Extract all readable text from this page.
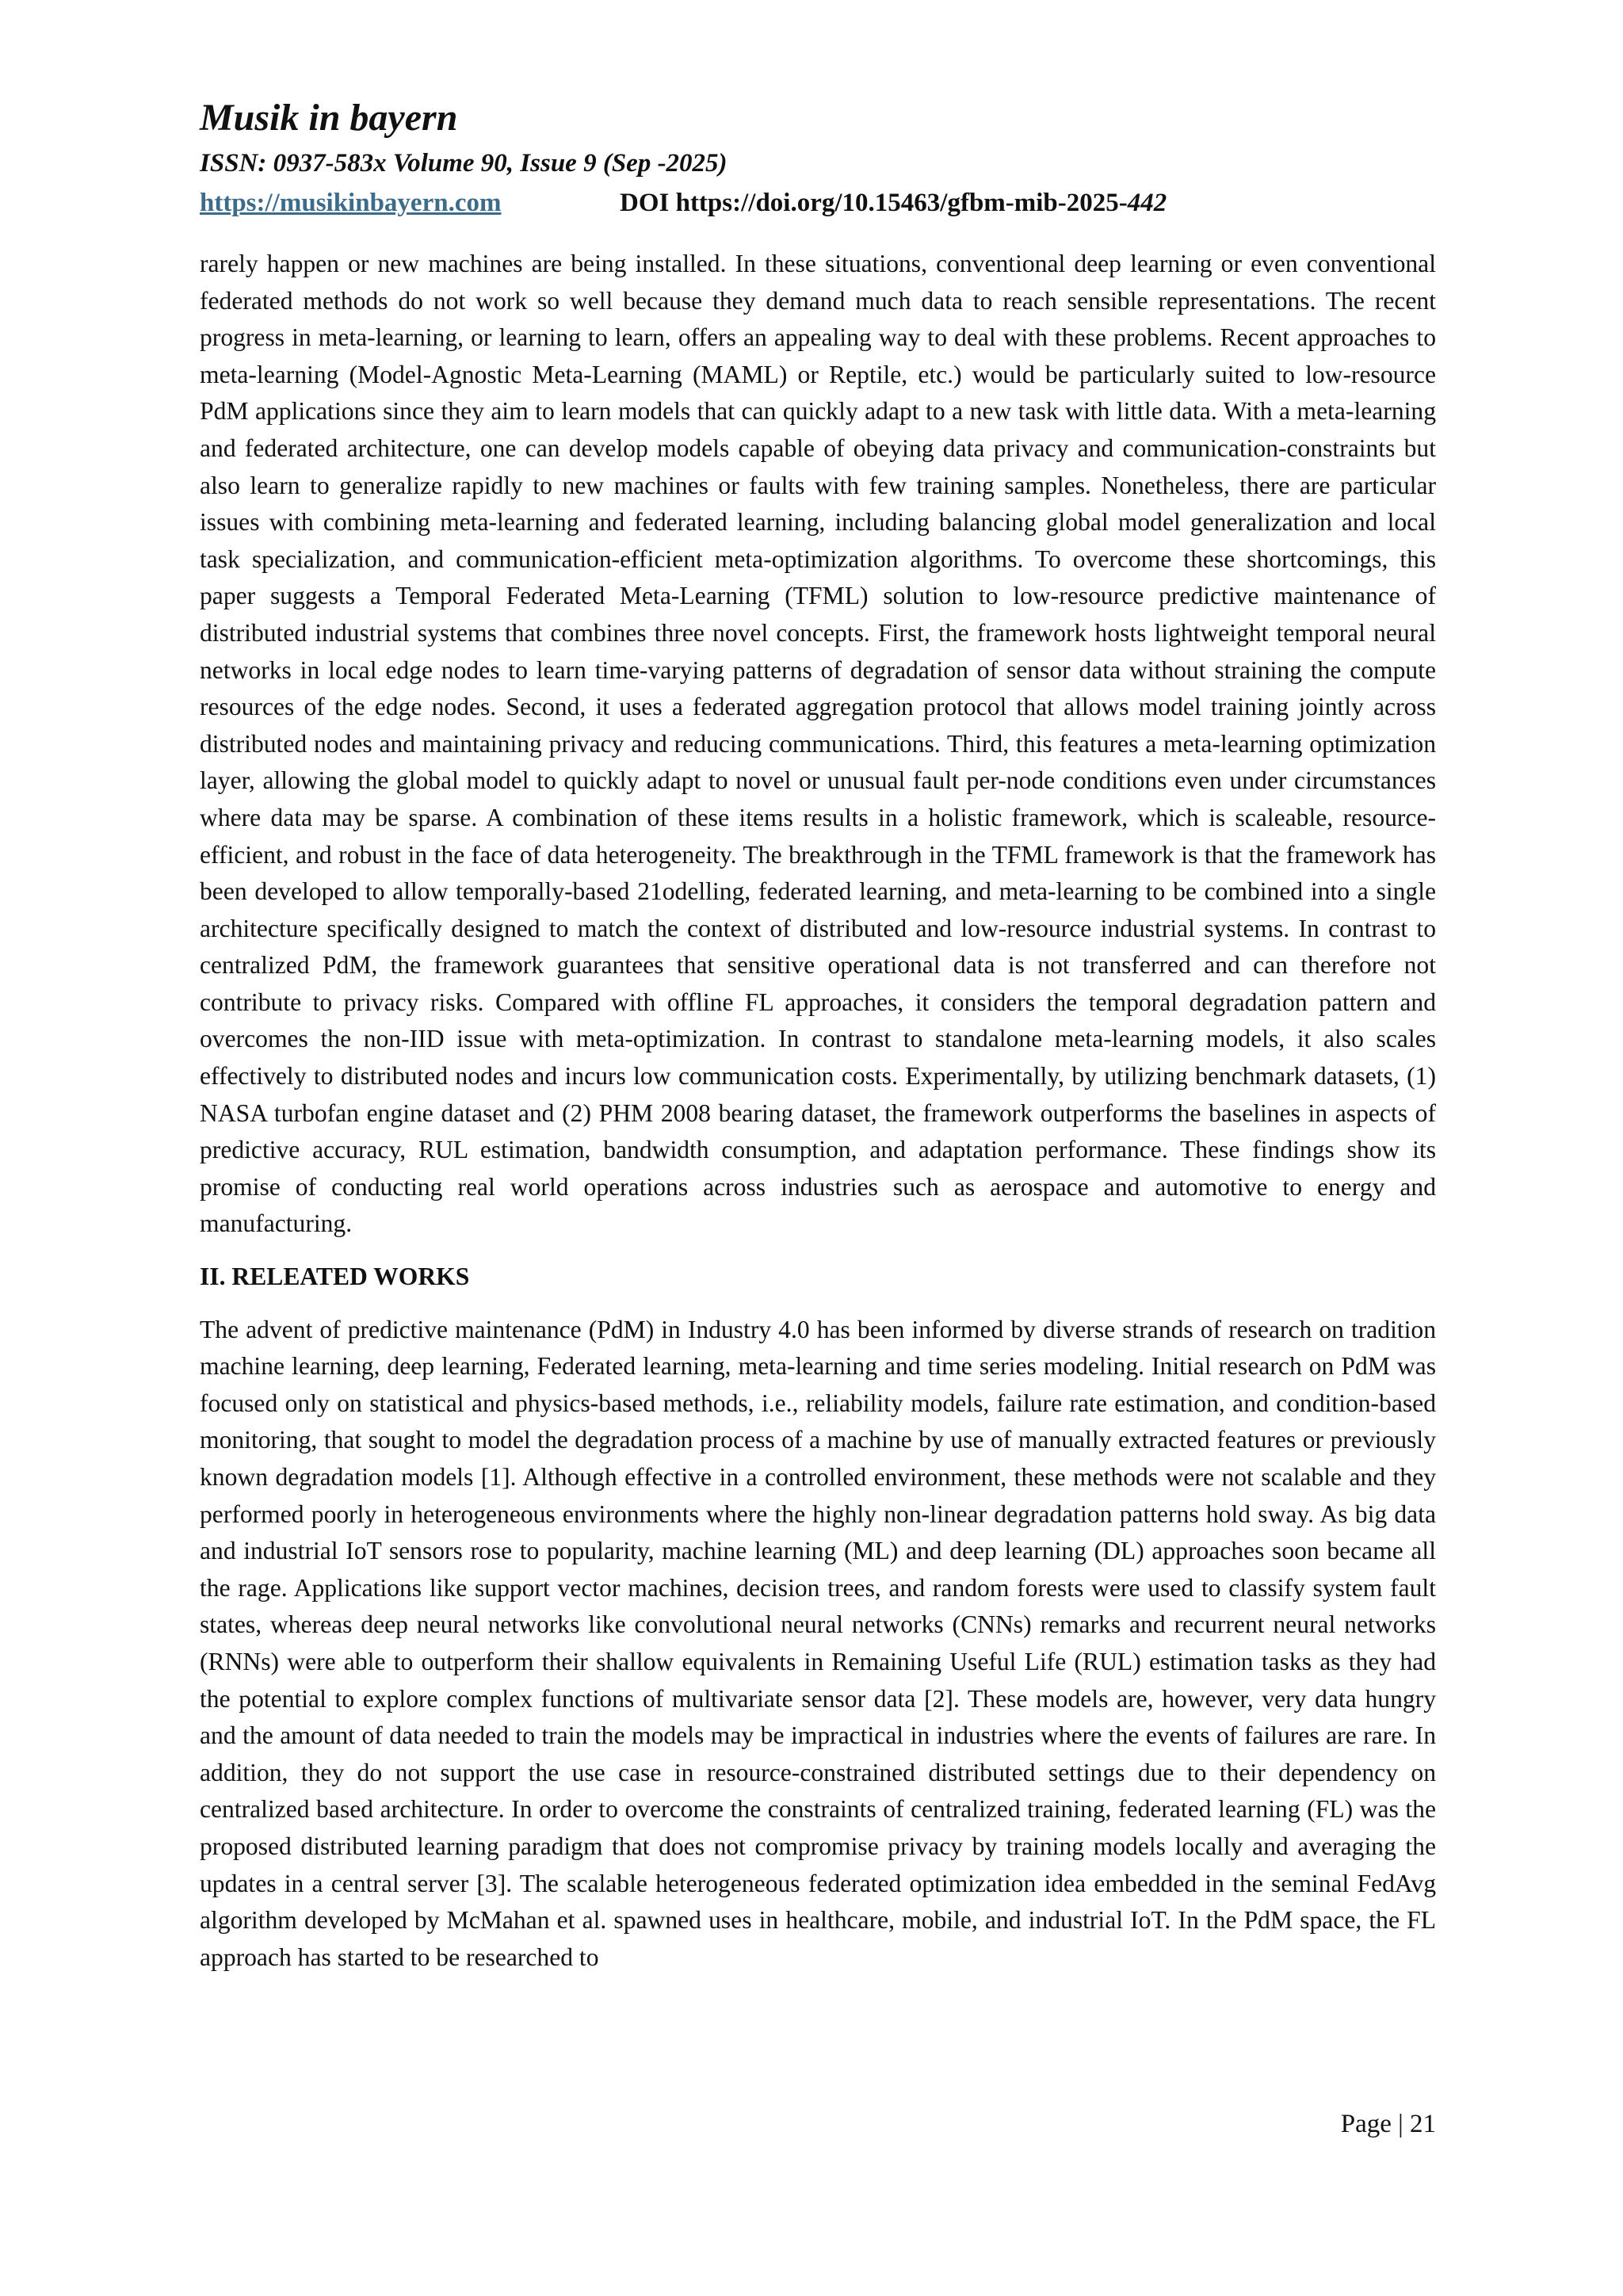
Musik in bayern
ISSN: 0937-583x Volume 90, Issue 9 (Sep -2025)
https://musikinbayern.com	DOI https://doi.org/10.15463/gfbm-mib-2025-442

rarely happen or new machines are being installed. In these situations, conventional deep learning or even conventional federated methods do not work so well because they demand much data to reach sensible representations. The recent progress in meta-learning, or learning to learn, offers an appealing way to deal with these problems. Recent approaches to meta-learning (Model-Agnostic Meta-Learning (MAML) or Reptile, etc.) would be particularly suited to low-resource PdM applications since they aim to learn models that can quickly adapt to a new task with little data. With a meta-learning and federated architecture, one can develop models capable of obeying data privacy and communication-constraints but also learn to generalize rapidly to new machines or faults with few training samples. Nonetheless, there are particular issues with combining meta-learning and federated learning, including balancing global model generalization and local task specialization, and communication-efficient meta-optimization algorithms. To overcome these shortcomings, this paper suggests a Temporal Federated Meta-Learning (TFML) solution to low-resource predictive maintenance of distributed industrial systems that combines three novel concepts. First, the framework hosts lightweight temporal neural networks in local edge nodes to learn time-varying patterns of degradation of sensor data without straining the compute resources of the edge nodes. Second, it uses a federated aggregation protocol that allows model training jointly across distributed nodes and maintaining privacy and reducing communications. Third, this features a meta-learning optimization layer, allowing the global model to quickly adapt to novel or unusual fault per-node conditions even under circumstances where data may be sparse. A combination of these items results in a holistic framework, which is scaleable, resource-efficient, and robust in the face of data heterogeneity. The breakthrough in the TFML framework is that the framework has been developed to allow temporally-based 21odelling, federated learning, and meta-learning to be combined into a single architecture specifically designed to match the context of distributed and low-resource industrial systems. In contrast to centralized PdM, the framework guarantees that sensitive operational data is not transferred and can therefore not contribute to privacy risks. Compared with offline FL approaches, it considers the temporal degradation pattern and overcomes the non-IID issue with meta-optimization. In contrast to standalone meta-learning models, it also scales effectively to distributed nodes and incurs low communication costs. Experimentally, by utilizing benchmark datasets, (1) NASA turbofan engine dataset and (2) PHM 2008 bearing dataset, the framework outperforms the baselines in aspects of predictive accuracy, RUL estimation, bandwidth consumption, and adaptation performance. These findings show its promise of conducting real world operations across industries such as aerospace and automotive to energy and manufacturing.

II. RELEATED WORKS

The advent of predictive maintenance (PdM) in Industry 4.0 has been informed by diverse strands of research on tradition machine learning, deep learning, Federated learning, meta-learning and time series modeling. Initial research on PdM was focused only on statistical and physics-based methods, i.e., reliability models, failure rate estimation, and condition-based monitoring, that sought to model the degradation process of a machine by use of manually extracted features or previously known degradation models [1]. Although effective in a controlled environment, these methods were not scalable and they performed poorly in heterogeneous environments where the highly non-linear degradation patterns hold sway. As big data and industrial IoT sensors rose to popularity, machine learning (ML) and deep learning (DL) approaches soon became all the rage. Applications like support vector machines, decision trees, and random forests were used to classify system fault states, whereas deep neural networks like convolutional neural networks (CNNs) remarks and recurrent neural networks (RNNs) were able to outperform their shallow equivalents in Remaining Useful Life (RUL) estimation tasks as they had the potential to explore complex functions of multivariate sensor data [2]. These models are, however, very data hungry and the amount of data needed to train the models may be impractical in industries where the events of failures are rare. In addition, they do not support the use case in resource-constrained distributed settings due to their dependency on centralized based architecture. In order to overcome the constraints of centralized training, federated learning (FL) was the proposed distributed learning paradigm that does not compromise privacy by training models locally and averaging the updates in a central server [3]. The scalable heterogeneous federated optimization idea embedded in the seminal FedAvg algorithm developed by McMahan et al. spawned uses in healthcare, mobile, and industrial IoT. In the PdM space, the FL approach has started to be researched to

Page | 21
